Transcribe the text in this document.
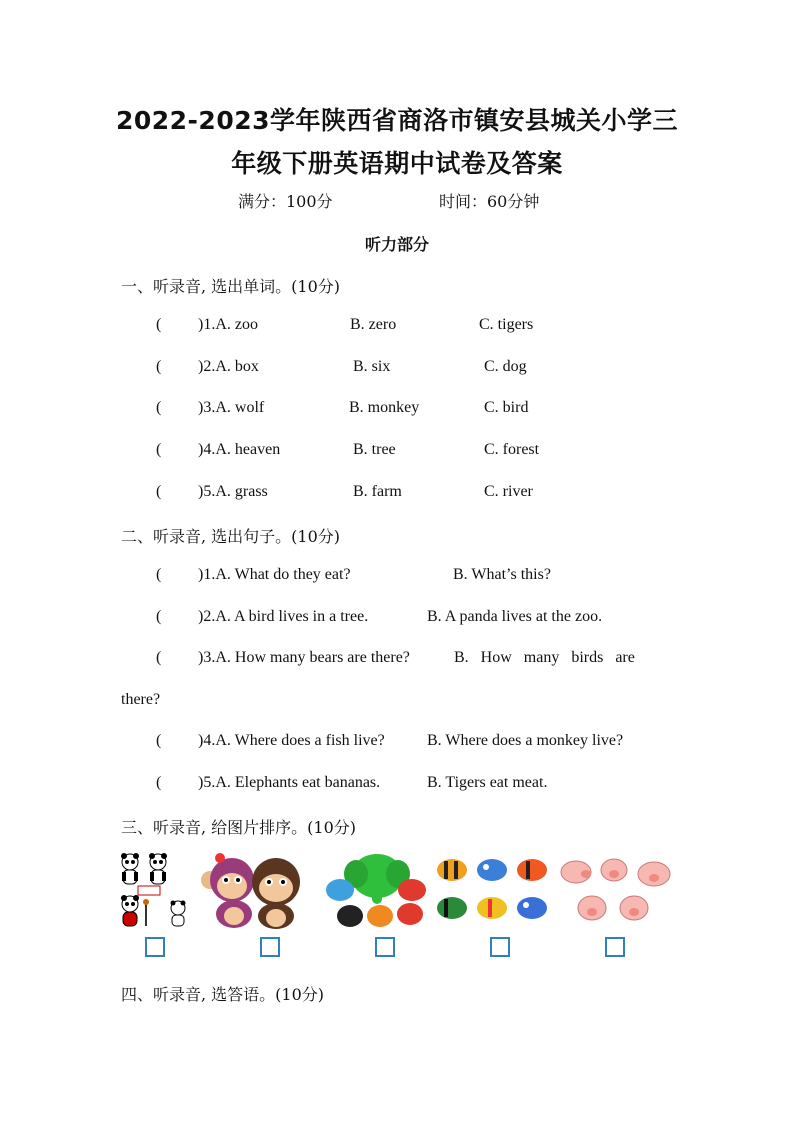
2022-2023学年陕西省商洛市镇安县城关小学三
年级下册英语期中试卷及答案
满分：100分	时间：60分钟
听力部分
一、听录音, 选出单词。(10分)
( )1.A. zoo	B. zero	C. tigers
( )2.A. box	B. six	C. dog
( )3.A. wolf	B. monkey	C. bird
( )4.A. heaven	B. tree	C. forest
( )5.A. grass	B. farm	C. river
二、听录音, 选出句子。(10分)
( )1.A. What do they eat?	B. What’s this?
( )2.A. A bird lives in a tree.	B. A panda lives at the zoo.
( )3.A. How many bears are there?	B.   How   many   birds   are
there?
( )4.A. Where does a fish live?	B. Where does a monkey live?
( )5.A. Elephants eat bananas.	B. Tigers eat meat.
三、听录音, 给图片排序。(10分)
四、听录音, 选答语。(10分)
